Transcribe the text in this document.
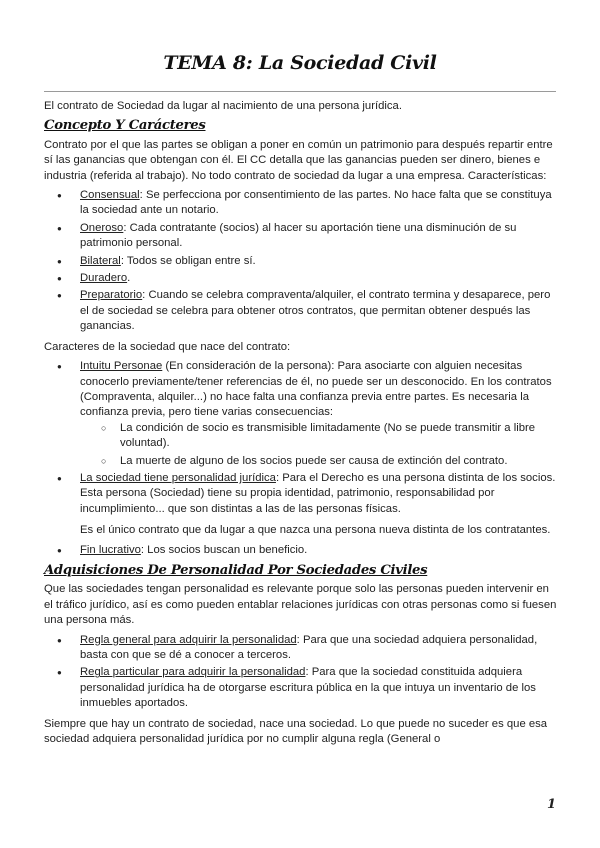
TEMA 8: La Sociedad Civil

El contrato de Sociedad da lugar al nacimiento de una persona jurídica.

Concepto Y Carácteres

Contrato por el que las partes se obligan a poner en común un patrimonio para después repartir entre sí las ganancias que obtengan con él. El CC detalla que las ganancias pueden ser dinero, bienes e industria (referida al trabajo). No todo contrato de sociedad da lugar a una empresa. Características:

● Consensual: Se perfecciona por consentimiento de las partes. No hace falta que se constituya la sociedad ante un notario.
● Oneroso: Cada contratante (socios) al hacer su aportación tiene una disminución de su patrimonio personal.
● Bilateral: Todos se obligan entre sí.
● Duradero.
● Preparatorio: Cuando se celebra compraventa/alquiler, el contrato termina y desaparece, pero el de sociedad se celebra para obtener otros contratos, que permitan obtener después las ganancias.

Caracteres de la sociedad que nace del contrato:

● Intuitu Personae (En consideración de la persona): Para asociarte con alguien necesitas conocerlo previamente/tener referencias de él, no puede ser un desconocido. En los contratos (Compraventa, alquiler...) no hace falta una confianza previa entre partes. Es necesaria la confianza previa, pero tiene varias consecuencias:
○ La condición de socio es transmisible limitadamente (No se puede transmitir a libre voluntad).
○ La muerte de alguno de los socios puede ser causa de extinción del contrato.
● La sociedad tiene personalidad jurídica: Para el Derecho es una persona distinta de los socios. Esta persona (Sociedad) tiene su propia identidad, patrimonio, responsabilidad por incumplimiento... que son distintas a las de las personas físicas.
Es el único contrato que da lugar a que nazca una persona nueva distinta de los contratantes.
● Fin lucrativo: Los socios buscan un beneficio.
Adquisiciones De Personalidad Por Sociedades Civiles

Que las sociedades tengan personalidad es relevante porque solo las personas pueden intervenir en el tráfico jurídico, así es como pueden entablar relaciones jurídicas con otras personas como si fuesen una persona más.

● Regla general para adquirir la personalidad: Para que una sociedad adquiera personalidad, basta con que se dé a conocer a terceros.
● Regla particular para adquirir la personalidad: Para que la sociedad constituida adquiera personalidad jurídica ha de otorgarse escritura pública en la que intuya un inventario de los inmuebles aportados.

Siempre que hay un contrato de sociedad, nace una sociedad. Lo que puede no suceder es que esa sociedad adquiera personalidad jurídica por no cumplir alguna regla (General o

1
